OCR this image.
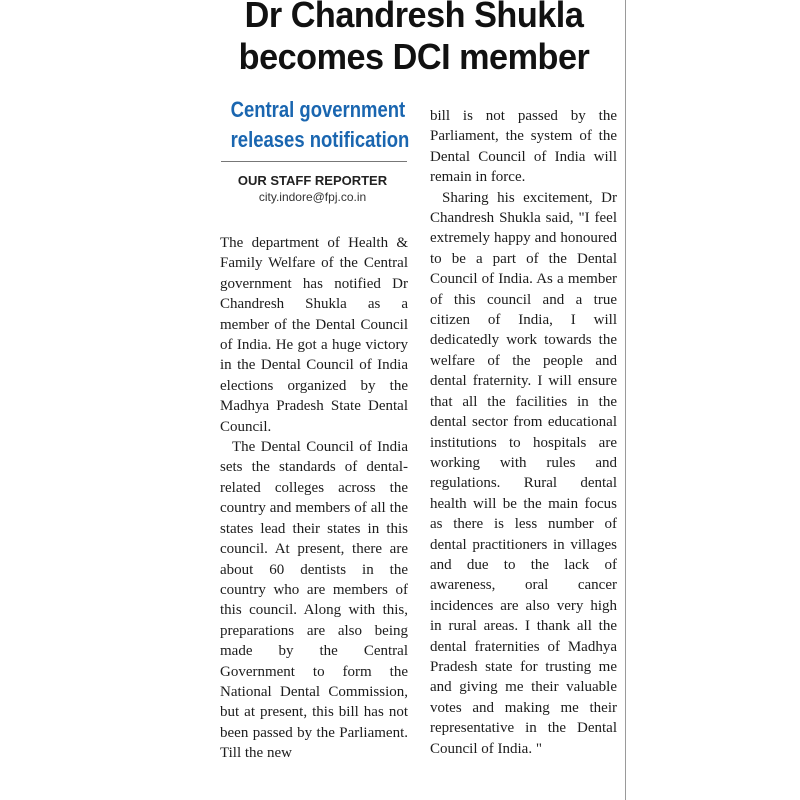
Dr Chandresh Shukla
becomes DCI member
Central government
releases notification
OUR STAFF REPORTER
city.indore@fpj.co.in

The department of Health & Family Welfare of the Central government has notified Dr Chandresh Shukla as a member of the Dental Council of India. He got a huge victory in the Dental Council of India elections organized by the Madhya Pradesh State Dental Council.

The Dental Council of India sets the standards of dental-related colleges across the country and members of all the states lead their states in this council. At present, there are about 60 dentists in the country who are members of this council. Along with this, preparations are also being made by the Central Government to form the National Dental Commission, but at present, this bill has not been passed by the Parliament. Till the new

bill is not passed by the Parliament, the system of the Dental Council of India will remain in force.

Sharing his excitement, Dr Chandresh Shukla said, "I feel extremely happy and honoured to be a part of the Dental Council of India. As a member of this council and a true citizen of India, I will dedicatedly work towards the welfare of the people and dental fraternity. I will ensure that all the facilities in the dental sector from educational institutions to hospitals are working with rules and regulations. Rural dental health will be the main focus as there is less number of dental practitioners in villages and due to the lack of awareness, oral cancer incidences are also very high in rural areas. I thank all the dental fraternities of Madhya Pradesh state for trusting me and giving me their valuable votes and making me their representative in the Dental Council of India. "
